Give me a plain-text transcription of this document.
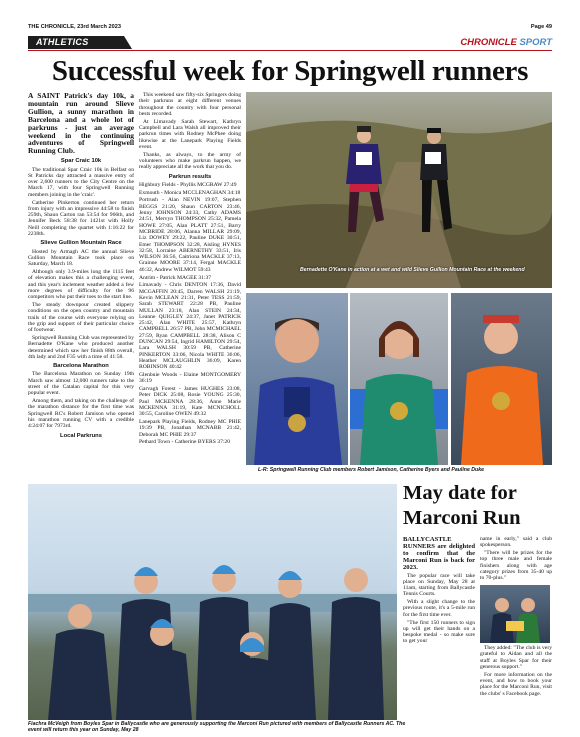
THE CHRONICLE, 23rd March 2023	Page 49
ATHLETICS	CHRONICLE SPORT
Successful week for Springwell runners
A SAINT Patrick's day 10k, a mountain run around Slieve Gullion, a sunny marathon in Barcelona and a whole lot of parkruns - just an average weekend in the continuing adventures of Springwell Running Club.
Spar Craic 10k

The traditional Spar Craic 10k in Belfast on St Patricks day attracted a massive entry of over 2,600 runners to the City Centre on the March 17, with four Springwell Running members joining in the 'craic'.

Catherine Pinkerton continued her return from injury with an impressive 44:58 to finish 259th, Shaun Carton ran 53:54 for 966th, and Jennifer Beck 58:38 for 1421st with Holly Neill completing the quartet with 1:16:22 for 2238th.

Slieve Gullion Mountain Race

Hosted by Armagh AC the annual Slieve Gullion Mountain Race took place on Saturday, March 18.

Although only 3.9-miles long the 1115 feet of elevation makes this a challenging event, and this year's inclement weather added a few more degrees of difficulty for the 96 competitors who put their toes to the start line.

The steady downpour created slippery conditions on the open country and mountain trails of the course with everyone relying on the grip and support of their particular choice of footwear.

Springwell Running Club was represented by Bernadette O'Kane who produced another determined which saw her finish 88th overall, 4th lady and 2nd F35 with a time of 41:58.

Barcelona Marathon

The Barcelona Marathon on Sunday 19th March saw almost 12,000 runners take to the street of the Catalan capital for this very popular event.

Among them, and taking on the challenge of the marathon distance for the first time was Springwell RC's Robert Jamison who opened his marathon running CV with a credible 4:24:07 for 7973rd.

Local Parkruns

This weekend saw fifty-six Springers doing their parkruns at eight different venues throughout the country with four personal bests recorded.

At Limavady Sarah Stewart, Kathryn Campbell and Lara Walsh all improved their parkrun times with Rodney McPhee doing likewise at the Lanepark Playing Fields event.

Thanks, as always, to the army of volunteers who make parkrun happen, we really appreciate all the work that you do.

Parkrun results

Highbury Fields - Phyllis MCGRAW 27:49

Exmouth - Monica MCCLENAGHAN 34:18

Portrush - Alan NEVIN 19:07, Stephen BEGGS 21:20, Shaun CARTON 23:46, Jenny JOHNSON 24:33, Cathy ADAMS 24:51, Mervyn THOMPSON 25:32, Pamela HOWE 27:05, Alan PLATT 27:51, Barry MCBRIDE 28:06, Alanna MILLAR 29:09, Liz DOWEY 29:22, Pauline DUKE 30:51, Emer THOMPSON 32:28, Aisling HYNES 32:58, Lorraine ABERNETHY 33:51, Iris WILSON 36:56, Caitriona MACKLE 37:13, Grainne MOORE 37:14, Fergal MACKLE 46:32, Andrew WILMOT 59:43

Antrim - Patrick MAGEE 31:37

Limavady - Chris DENTON 17:36, David MCGAFFIN 20:45, Darren WALSH 21:19, Kevin MCLEAN 21:31, Peter TESS 21:59, Sarah STEWART 22:28 PB, Pauline MULLAN 23:18, Alan STEIN 24:34, Leanne QUIGLEY 24:37, Janet PATRICK 25:42, Alan WHITE 25:57, Kathryn CAMPBELL 26:57 PB, John MCMICHAEL 27:59, Ryan CAMPBELL 28:38, Alison C DUNCAN 29:54, Ingrid HAMILTON 29:54, Lara WALSH 30:59 PB, Catherine PINKERTON 33:06, Nicola WHITE 36:06, Heather MCLAUGHLIN 36:09, Karen ROBINSON 40:42

Glenbuie Woods - Elaine MONTGOMERY 36:19

Garvagh Forest - James HUGHES 23:08, Peter DICK 25:08, Rosie YOUNG 25:30, Paul MCKENNA 28:36, Anne Marie MCKENNA 31:19, Kate MCNICHOLL 30:55, Caroline OWEN 49:32

Lanepark Playing Fields, Rodney MC PHIE 19:39 PB, Jonathan MCNABB 21:42, Deborah MC PHIE 29:37

Pethard Town - Catherine BYERS 37:20

Bernadette O'Kane in action at a wet and wild Slieve Gullion Mountain Race at the weekend
L-R: Springwell Running Club members Robert Jamison, Catherine Byers and Pauline Duke
Fiachra McVeigh from Boyles Spar in Ballycastle who are generously supporting the Marconi Run pictured with members of Ballycastle Runners AC. The event will return this year on Sunday, May 28
May date for Marconi Run

BALLYCASTLE RUNNERS are delighted to confirm that the Marconi Run is back for 2023.

The popular race will take place on Sunday, May 28 at 11am, starting from Ballycastle Tennis Courts.

With a slight change to the previous route, it's a 5-mile run for the first time ever.

"The first 150 runners to sign up will get their hands on a bespoke medal - so make sure to get your

name in early," said a club spokesperson.

"There will be prizes for the top three male and female finishers along with age category prizes from 35-40 up to 70-plus."

They added: "The club is very grateful to Aidan and all the staff at Boyles Spar for their generous support."

For more information on the event, and how to book your place for the Marconi Run, visit the clubs' s Facebook page.
